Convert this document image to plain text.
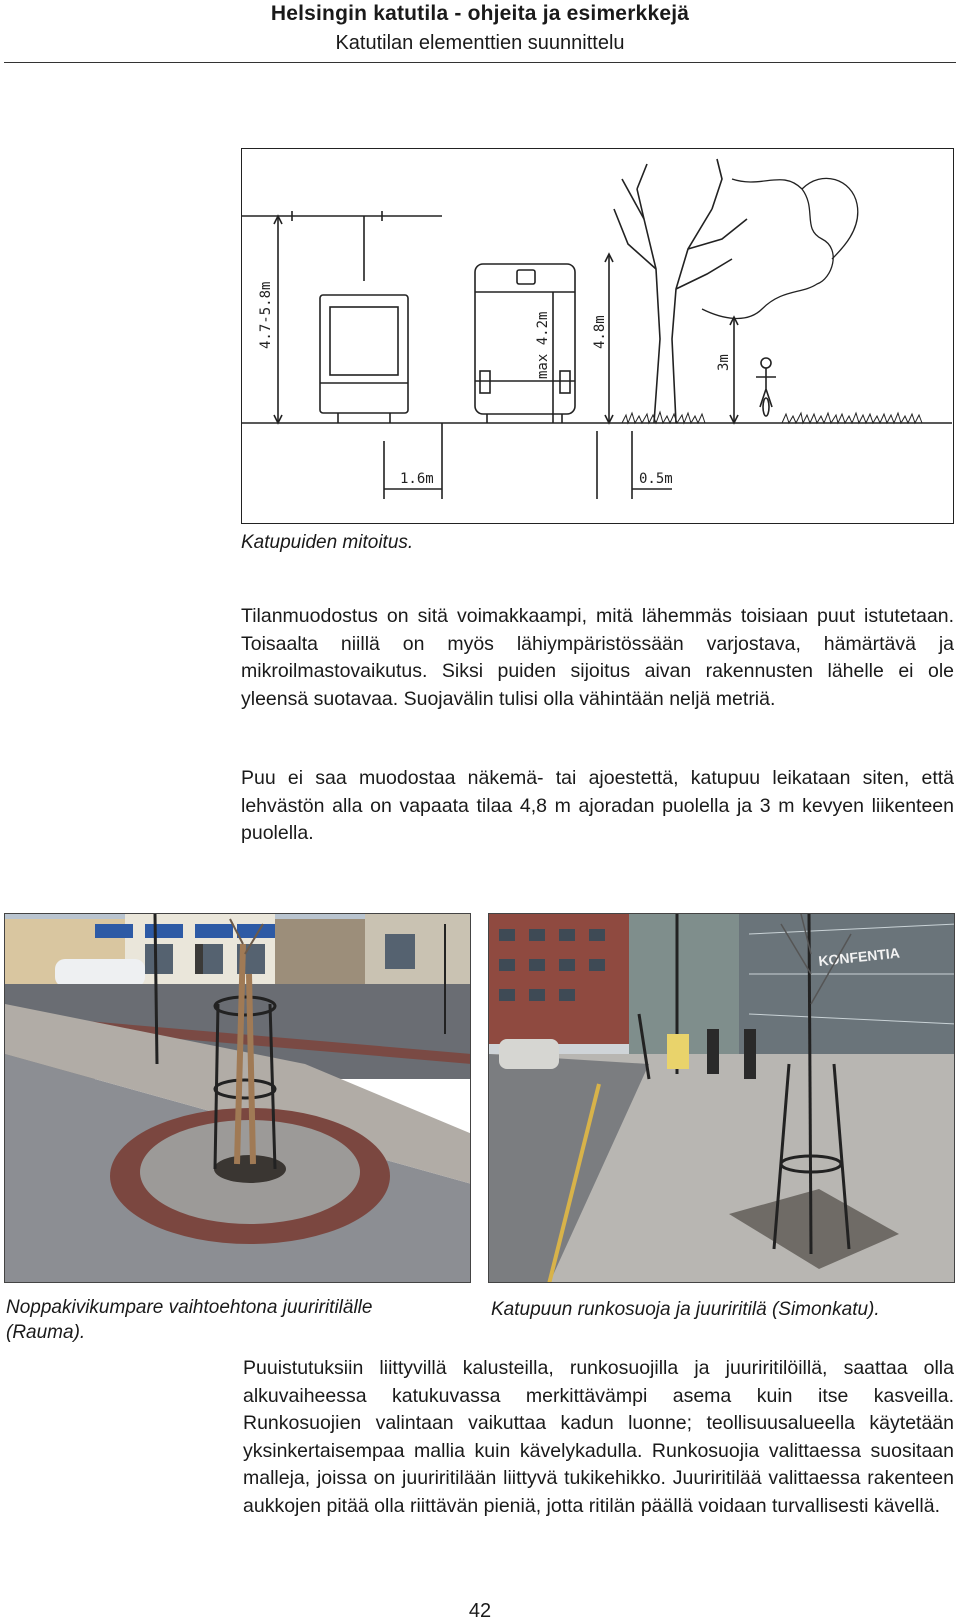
Helsingin katutila - ohjeita ja esimerkkejä
Katutilan elementtien suunnittelu
4.7-5.8m	max 4.2m	4.8m
3m
1.6m	0.5m
Katupuiden mitoitus.
Tilanmuodostus on sitä voimakkaampi, mitä lähemmäs toisiaan puut istutetaan. Toisaalta niillä on myös lähiympäristössään varjostava, hämärtävä ja mikroilmastovaikutus. Siksi puiden sijoitus aivan rakennusten lähelle ei ole yleensä suotavaa. Suojavälin tulisi olla vähintään neljä metriä.
Puu ei saa muodostaa näkemä- tai ajoestettä, katupuu leikataan siten, että lehvästön alla on vapaata tilaa 4,8 m ajoradan puolella ja 3 m kevyen liikenteen puolella.
KONFENTIA
Noppakivikumpare vaihtoehtona juuriritilälle (Rauma).
Katupuun runkosuoja ja juuriritilä (Simonkatu).
Puuistutuksiin liittyvillä kalusteilla, runkosuojilla ja juuriritilöillä, saattaa olla alkuvaiheessa katukuvassa merkittävämpi asema kuin itse kasveilla. Runkosuojien valintaan vaikuttaa kadun luonne; teollisuusalueella käytetään yksinkertaisempaa mallia kuin kävelykadulla. Runkosuojia valittaessa suositaan malleja, joissa on juuriritilään liittyvä tukikehikko. Juuriritilää valittaessa rakenteen aukkojen pitää olla riittävän pieniä, jotta ritilän päällä voidaan turvallisesti kävellä.
42
